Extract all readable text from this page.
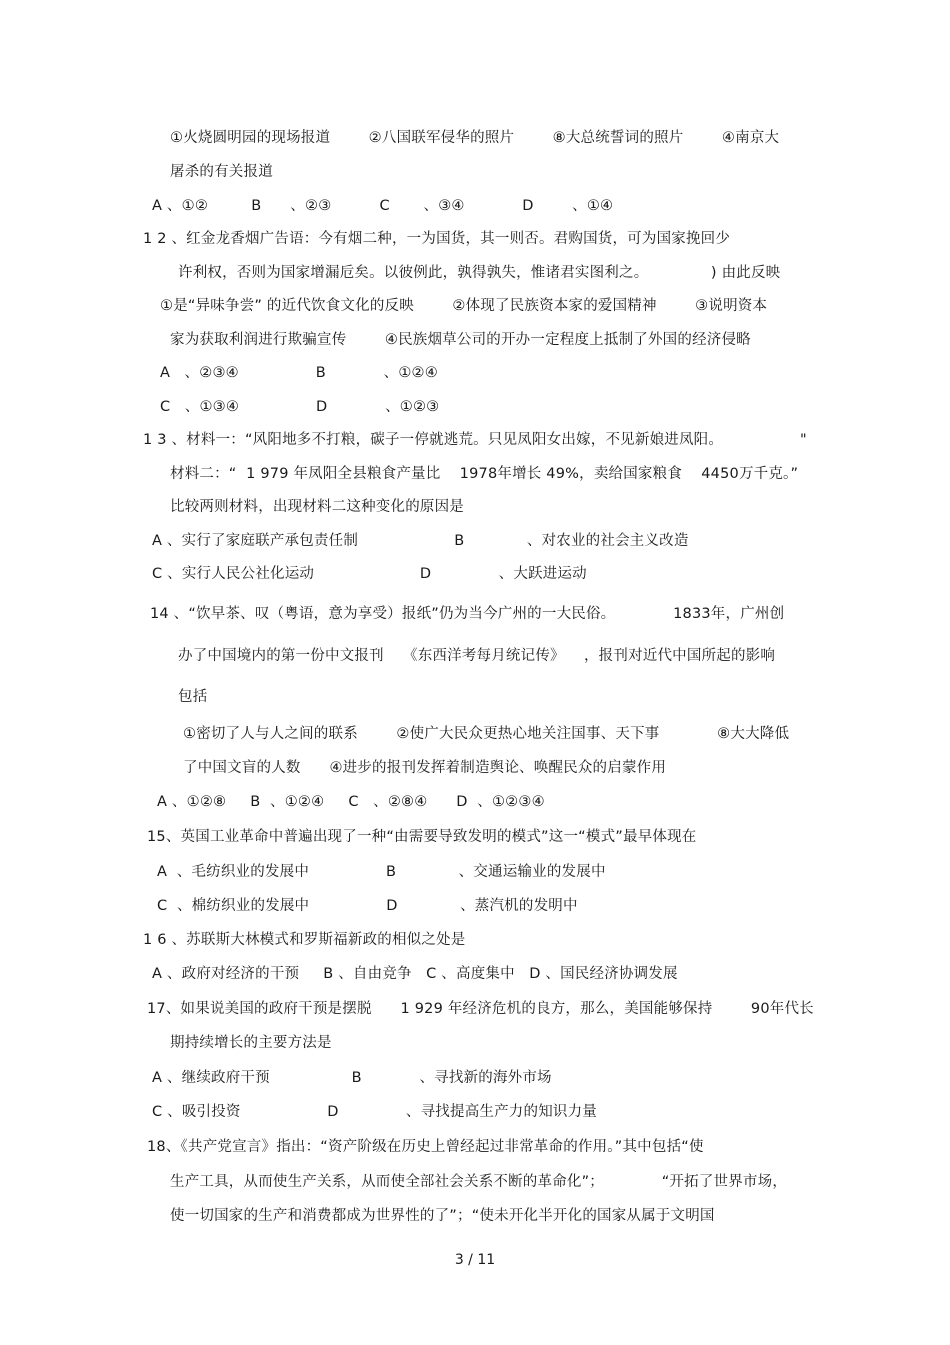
①火烧圆明园的现场报道        ②八国联军侵华的照片        ⑧大总统誓词的照片        ④南京大
屠杀的有关报道
A 、①②         B      、②③          C       、③④            D        、①④
1 2 、红金龙香烟广告语：今有烟二种，一为国货，其一则否。君购国货，可为国家挽回少
许利权，否则为国家增漏卮矣。以彼例此，孰得孰失，惟诸君实图利之。             ) 由此反映
①是“异味争尝” 的近代饮食文化的反映        ②体现了民族资本家的爱国精神        ③说明资本
家为获取利润进行欺骗宣传        ④民族烟草公司的开办一定程度上抵制了外国的经济侵略
A   、②③④                B            、①②④
C   、①③④                D            、①②③
1 3 、材料一：“风阳地多不打粮，碳子一停就逃荒。只见凤阳女出嫁，不见新娘进凤阳。                "
材料二：“  1 979 年凤阳全县粮食产量比    1978年增长 49%，卖给国家粮食    4450万千克。”
比较两则材料，出现材料二这种变化的原因是
A 、实行了家庭联产承包责任制                    B             、对农业的社会主义改造
C 、实行人民公社化运动                      D              、大跃进运动
14 、“饮早茶、叹（粤语，意为享受）报纸”仍为当今广州的一大民俗。            1833年，广州创
办了中国境内的第一份中文报刊    《东西洋考每月统记传》    ，报刊对近代中国所起的影响
包括
①密切了人与人之间的联系        ②使广大民众更热心地关注国事、天下事            ⑧大大降低
了中国文盲的人数      ④进步的报刊发挥着制造舆论、唤醒民众的启蒙作用
A 、①②⑧     B  、①②④     C   、②⑧④      D  、①②③④
15、英国工业革命中普遍出现了一种“由需要导致发明的模式”这一“模式”最早体现在
A  、毛纺织业的发展中                B             、交通运输业的发展中
C  、棉纺织业的发展中                D             、蒸汽机的发明中
1 6 、苏联斯大林模式和罗斯福新政的相似之处是
A 、政府对经济的干预     B 、自由竞争   C 、高度集中   D 、国民经济协调发展
17、如果说美国的政府干预是摆脱      1 929 年经济危机的良方，那么，美国能够保持        90年代长
期持续增长的主要方法是
A 、继续政府干预                 B            、寻找新的海外市场
C 、吸引投资                  D              、寻找提高生产力的知识力量
18、《共产党宣言》指出：“资产阶级在历史上曾经起过非常革命的作用。”其中包括“使
生产工具，从而使生产关系，从而使全部社会关系不断的革命化”；            “开拓了世界市场，
使一切国家的生产和消费都成为世界性的了”；“使未开化半开化的国家从属于文明国
3 / 11
